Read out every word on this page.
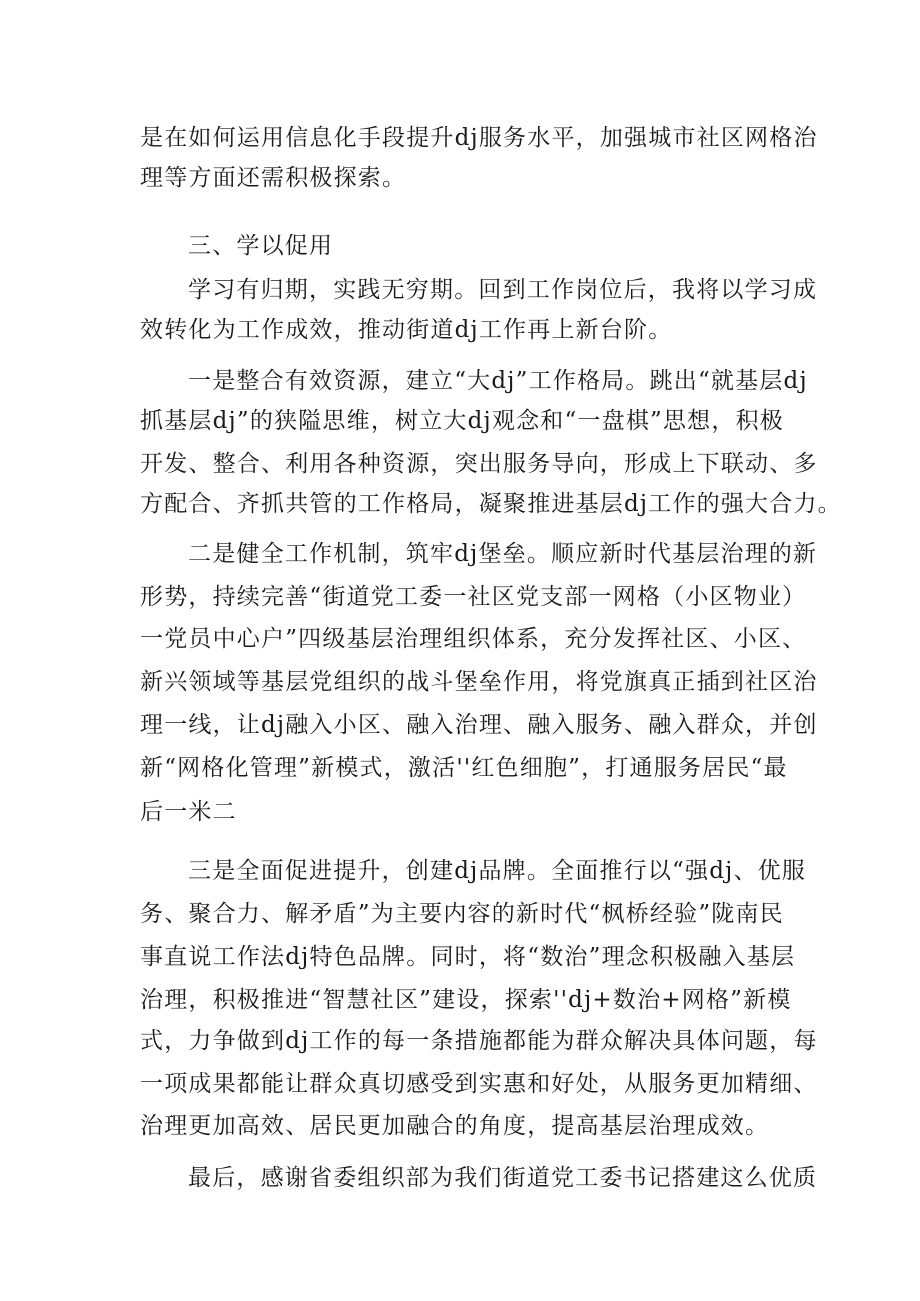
是在如何运用信息化手段提升dj服务水平，加强城市社区网格治
理等方面还需积极探索。
三、学以促用
学习有归期，实践无穷期。回到工作岗位后，我将以学习成
效转化为工作成效，推动街道dj工作再上新台阶。
一是整合有效资源，建立“大dj”工作格局。跳出“就基层dj
抓基层dj”的狭隘思维，树立大dj观念和“一盘棋”思想，积极
开发、整合、利用各种资源，突出服务导向，形成上下联动、多
方配合、齐抓共管的工作格局，凝聚推进基层dj工作的强大合力。
二是健全工作机制，筑牢dj堡垒。顺应新时代基层治理的新
形势，持续完善“街道党工委一社区党支部一网格（小区物业）
一党员中心户”四级基层治理组织体系，充分发挥社区、小区、
新兴领域等基层党组织的战斗堡垒作用，将党旗真正插到社区治
理一线，让dj融入小区、融入治理、融入服务、融入群众，并创
新“网格化管理”新模式，激活''红色细胞”，打通服务居民“最
后一米二
三是全面促进提升，创建dj品牌。全面推行以“强dj、优服
务、聚合力、解矛盾”为主要内容的新时代“枫桥经验”陇南民
事直说工作法dj特色品牌。同时，将“数治”理念积极融入基层
治理，积极推进“智慧社区”建设，探索''dj+数治+网格”新模
式，力争做到dj工作的每一条措施都能为群众解决具体问题，每
一项成果都能让群众真切感受到实惠和好处，从服务更加精细、
治理更加高效、居民更加融合的角度，提高基层治理成效。
最后，感谢省委组织部为我们街道党工委书记搭建这么优质
